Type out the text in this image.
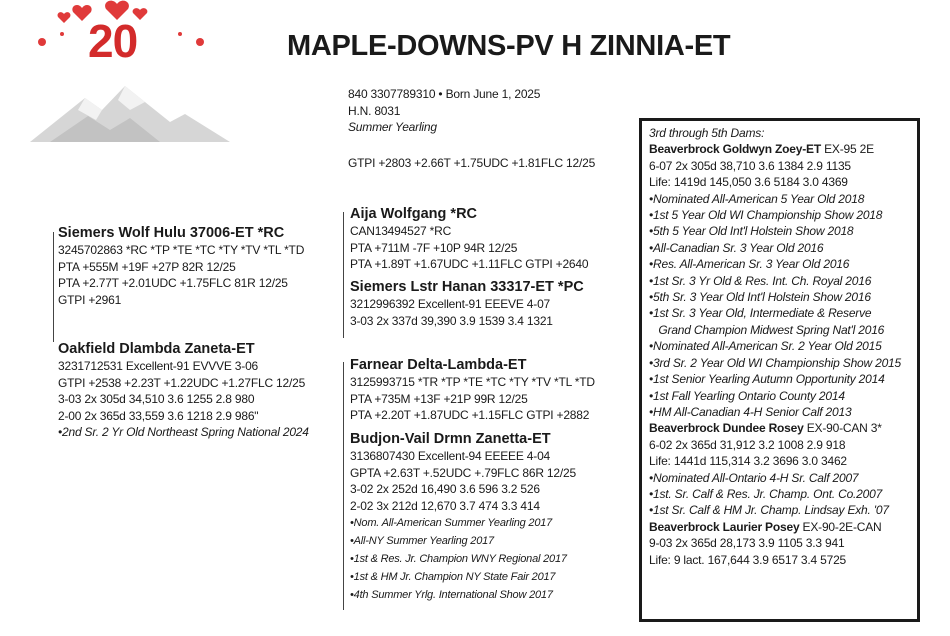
20	MAPLE-DOWNS-PV H ZINNIA-ET
840 3307789310 • Born June 1, 2025
H.N. 8031
Summer Yearling
GTPI +2803 +2.66T +1.75UDC +1.81FLC 12/25
Siemers Wolf Hulu 37006-ET *RC
3245702863 *RC *TP *TE *TC *TY *TV *TL *TD
PTA +555M +19F +27P 82R 12/25
PTA +2.77T +2.01UDC +1.75FLC 81R 12/25
GTPI +2961
Oakfield Dlambda Zaneta-ET
3231712531 Excellent-91 EVVVE 3-06
GTPI +2538 +2.23T +1.22UDC +1.27FLC 12/25
3-03 2x 305d 34,510 3.6 1255 2.8 980
2-00 2x 365d 33,559 3.6 1218 2.9 986"
•2nd Sr. 2 Yr Old Northeast Spring National 2024
Aija Wolfgang *RC
CAN13494527 *RC
PTA +711M -7F +10P 94R 12/25
PTA +1.89T +1.67UDC +1.11FLC GTPI +2640
Siemers Lstr Hanan 33317-ET *PC
3212996392 Excellent-91 EEEVE 4-07
3-03 2x 337d 39,390 3.9 1539 3.4 1321
Farnear Delta-Lambda-ET
3125993715 *TR *TP *TE *TC *TY *TV *TL *TD
PTA +735M +13F +21P 99R 12/25
PTA +2.20T +1.87UDC +1.15FLC GTPI +2882
Budjon-Vail Drmn Zanetta-ET
3136807430 Excellent-94 EEEEE 4-04
GPTA +2.63T +.52UDC +.79FLC 86R 12/25
3-02 2x 252d 16,490 3.6 596 3.2 526
2-02 3x 212d 12,670 3.7 474 3.3 414
•Nom. All-American Summer Yearling 2017
•All-NY Summer Yearling 2017
•1st & Res. Jr. Champion WNY Regional 2017
•1st & HM Jr. Champion NY State Fair 2017
•4th Summer Yrlg. International Show 2017
3rd through 5th Dams:
Beaverbrock Goldwyn Zoey-ET EX-95 2E
6-07 2x 305d 38,710 3.6 1384 2.9 1135
Life: 1419d 145,050 3.6 5184 3.0 4369
•Nominated All-American 5 Year Old 2018
•1st 5 Year Old WI Championship Show 2018
•5th 5 Year Old Int'l Holstein Show 2018
•All-Canadian Sr. 3 Year Old 2016
•Res. All-American Sr. 3 Year Old 2016
•1st Sr. 3 Yr Old & Res. Int. Ch. Royal 2016
•5th Sr. 3 Year Old Int'l Holstein Show 2016
•1st Sr. 3 Year Old, Intermediate & Reserve
Grand Champion Midwest Spring Nat'l 2016
•Nominated All-American Sr. 2 Year Old 2015
•3rd Sr. 2 Year Old WI Championship Show 2015
•1st Senior Yearling Autumn Opportunity 2014
•1st Fall Yearling Ontario County 2014
•HM All-Canadian 4-H Senior Calf 2013
Beaverbrock Dundee Rosey EX-90-CAN 3*
6-02 2x 365d 31,912 3.2 1008 2.9 918
Life: 1441d 115,314 3.2 3696 3.0 3462
•Nominated All-Ontario 4-H Sr. Calf 2007
•1st. Sr. Calf & Res. Jr. Champ. Ont. Co.2007
•1st Sr. Calf & HM Jr. Champ. Lindsay Exh. '07
Beaverbrock Laurier Posey EX-90-2E-CAN
9-03 2x 365d 28,173 3.9 1105 3.3 941
Life: 9 lact. 167,644 3.9 6517 3.4 5725
